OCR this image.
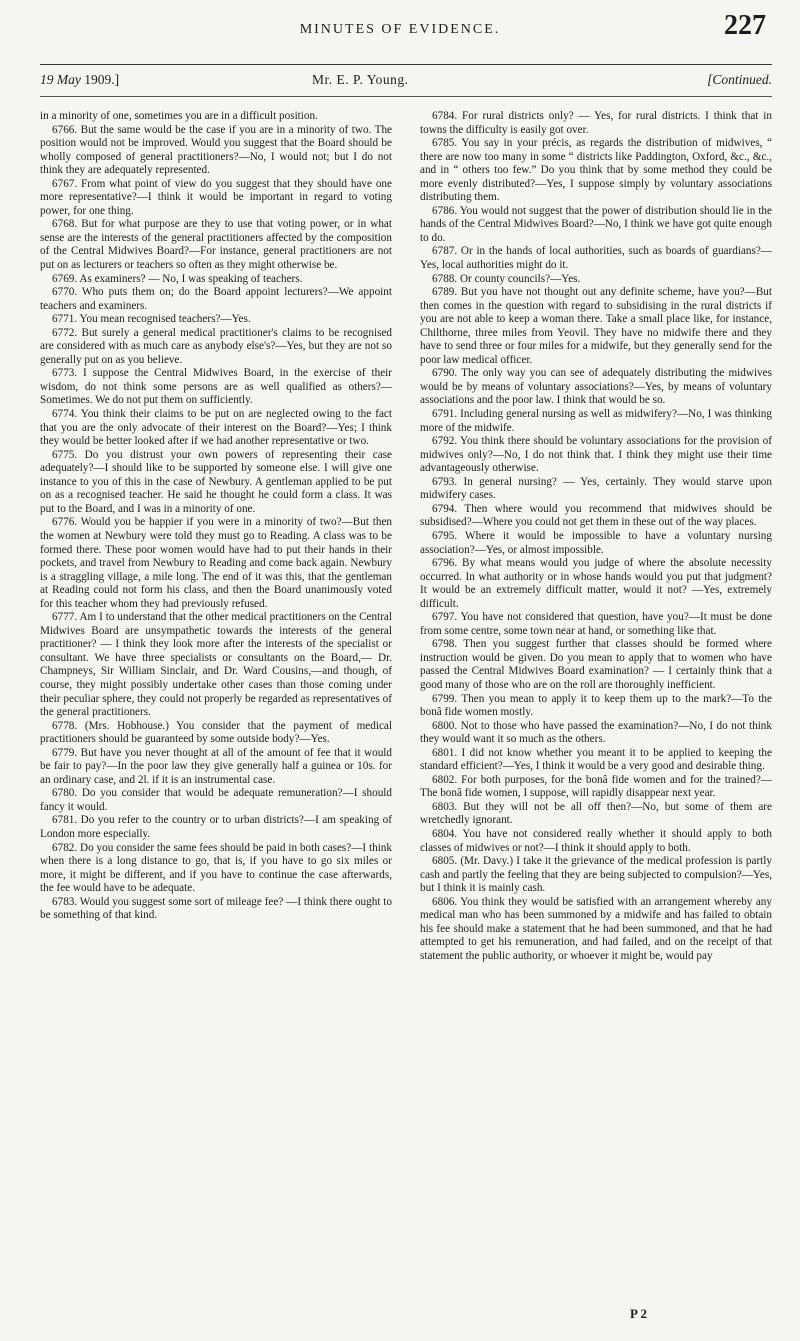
MINUTES OF EVIDENCE.	227
19 May 1909.]	Mr. E. P. Young.	[Continued.

in a minority of one, sometimes you are in a difficult position.

6766. But the same would be the case if you are in a minority of two. The position would not be improved. Would you suggest that the Board should be wholly composed of general practitioners?—No, I would not; but I do not think they are adequately represented.

6767. From what point of view do you suggest that they should have one more representative?—I think it would be important in regard to voting power, for one thing.

6768. But for what purpose are they to use that voting power, or in what sense are the interests of the general practitioners affected by the composition of the Central Midwives Board?—For instance, general practitioners are not put on as lecturers or teachers so often as they might otherwise be.

6769. As examiners? — No, I was speaking of teachers.

6770. Who puts them on; do the Board appoint lecturers?—We appoint teachers and examiners.

6771. You mean recognised teachers?—Yes.

6772. But surely a general medical practitioner's claims to be recognised are considered with as much care as anybody else's?—Yes, but they are not so generally put on as you believe.

6773. I suppose the Central Midwives Board, in the exercise of their wisdom, do not think some persons are as well qualified as others?—Sometimes. We do not put them on sufficiently.

6774. You think their claims to be put on are neglected owing to the fact that you are the only advocate of their interest on the Board?—Yes; I think they would be better looked after if we had another representative or two.

6775. Do you distrust your own powers of representing their case adequately?—I should like to be supported by someone else. I will give one instance to you of this in the case of Newbury. A gentleman applied to be put on as a recognised teacher. He said he thought he could form a class. It was put to the Board, and I was in a minority of one.

6776. Would you be happier if you were in a minority of two?—But then the women at Newbury were told they must go to Reading. A class was to be formed there. These poor women would have had to put their hands in their pockets, and travel from Newbury to Reading and come back again. Newbury is a straggling village, a mile long. The end of it was this, that the gentleman at Reading could not form his class, and then the Board unanimously voted for this teacher whom they had previously refused.

6777. Am I to understand that the other medical practitioners on the Central Midwives Board are unsympathetic towards the interests of the general practitioner? — I think they look more after the interests of the specialist or consultant. We have three specialists or consultants on the Board,— Dr. Champneys, Sir William Sinclair, and Dr. Ward Cousins,—and though, of course, they might possibly undertake other cases than those coming under their peculiar sphere, they could not properly be regarded as representatives of the general practitioners.

6778. (Mrs. Hobhouse.) You consider that the payment of medical practitioners should be guaranteed by some outside body?—Yes.

6779. But have you never thought at all of the amount of fee that it would be fair to pay?—In the poor law they give generally half a guinea or 10s. for an ordinary case, and 2l. if it is an instrumental case.

6780. Do you consider that would be adequate remuneration?—I should fancy it would.

6781. Do you refer to the country or to urban districts?—I am speaking of London more especially.

6782. Do you consider the same fees should be paid in both cases?—I think when there is a long distance to go, that is, if you have to go six miles or more, it might be different, and if you have to continue the case afterwards, the fee would have to be adequate.

6783. Would you suggest some sort of mileage fee? —I think there ought to be something of that kind.

6784. For rural districts only? — Yes, for rural districts. I think that in towns the difficulty is easily got over.

6785. You say in your précis, as regards the distribution of midwives, “ there are now too many in some “ districts like Paddington, Oxford, &c., &c., and in “ others too few.” Do you think that by some method they could be more evenly distributed?—Yes, I suppose simply by voluntary associations distributing them.

6786. You would not suggest that the power of distribution should lie in the hands of the Central Midwives Board?—No, I think we have got quite enough to do.

6787. Or in the hands of local authorities, such as boards of guardians?—Yes, local authorities might do it.

6788. Or county councils?—Yes.

6789. But you have not thought out any definite scheme, have you?—But then comes in the question with regard to subsidising in the rural districts if you are not able to keep a woman there. Take a small place like, for instance, Chilthorne, three miles from Yeovil. They have no midwife there and they have to send three or four miles for a midwife, but they generally send for the poor law medical officer.

6790. The only way you can see of adequately distributing the midwives would be by means of voluntary associations?—Yes, by means of voluntary associations and the poor law. I think that would be so.

6791. Including general nursing as well as midwifery?—No, I was thinking more of the midwife.

6792. You think there should be voluntary associations for the provision of midwives only?—No, I do not think that. I think they might use their time advantageously otherwise.

6793. In general nursing? — Yes, certainly. They would starve upon midwifery cases.

6794. Then where would you recommend that midwives should be subsidised?—Where you could not get them in these out of the way places.

6795. Where it would be impossible to have a voluntary nursing association?—Yes, or almost impossible.

6796. By what means would you judge of where the absolute necessity occurred. In what authority or in whose hands would you put that judgment? It would be an extremely difficult matter, would it not? —Yes, extremely difficult.

6797. You have not considered that question, have you?—It must be done from some centre, some town near at hand, or something like that.

6798. Then you suggest further that classes should be formed where instruction would be given. Do you mean to apply that to women who have passed the Central Midwives Board examination? — I certainly think that a good many of those who are on the roll are thoroughly inefficient.

6799. Then you mean to apply it to keep them up to the mark?—To the bonâ fide women mostly.

6800. Not to those who have passed the examination?—No, I do not think they would want it so much as the others.

6801. I did not know whether you meant it to be applied to keeping the standard efficient?—Yes, I think it would be a very good and desirable thing.

6802. For both purposes, for the bonâ fide women and for the trained?—The bonâ fide women, I suppose, will rapidly disappear next year.

6803. But they will not be all off then?—No, but some of them are wretchedly ignorant.

6804. You have not considered really whether it should apply to both classes of midwives or not?—I think it should apply to both.

6805. (Mr. Davy.) I take it the grievance of the medical profession is partly cash and partly the feeling that they are being subjected to compulsion?—Yes, but I think it is mainly cash.

6806. You think they would be satisfied with an arrangement whereby any medical man who has been summoned by a midwife and has failed to obtain his fee should make a statement that he had been summoned, and that he had attempted to get his remuneration, and had failed, and on the receipt of that statement the public authority, or whoever it might be, would pay

P 2
